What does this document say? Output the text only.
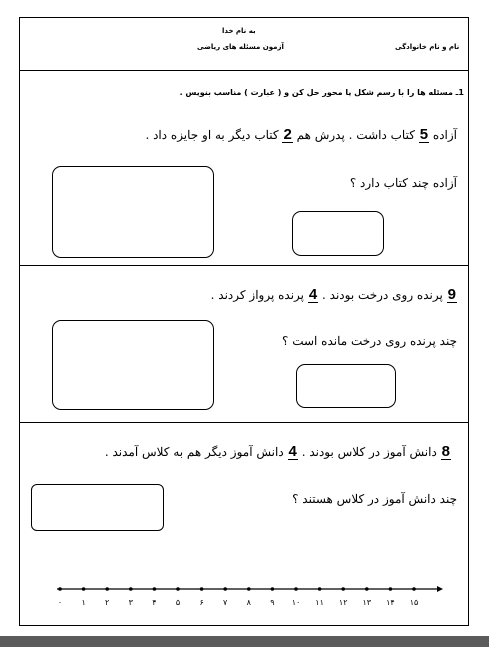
به نام خدا
آزمون مسئله های ریاضی	نام و نام خانوادگی
1ـ مسئله ها را با رسم شکل یا محور حل کن و ( عبارت ) مناسب بنویس .
آزاده 5 کتاب داشت . پدرش هم 2 کتاب دیگر به او جایزه داد .
آزاده چند کتاب دارد ؟
9 پرنده روی درخت بودند . 4 پرنده پرواز کردند .
چند پرنده روی درخت مانده است ؟
8 دانش آموز در کلاس بودند . 4 دانش آموز دیگر هم به کلاس آمدند .
چند دانش آموز در کلاس هستند ؟
۰ ۱ ۲ ۳ ۴ ۵ ۶ ۷ ۸ ۹ ۱۰ ۱۱ ۱۲ ۱۳ ۱۴ ۱۵
